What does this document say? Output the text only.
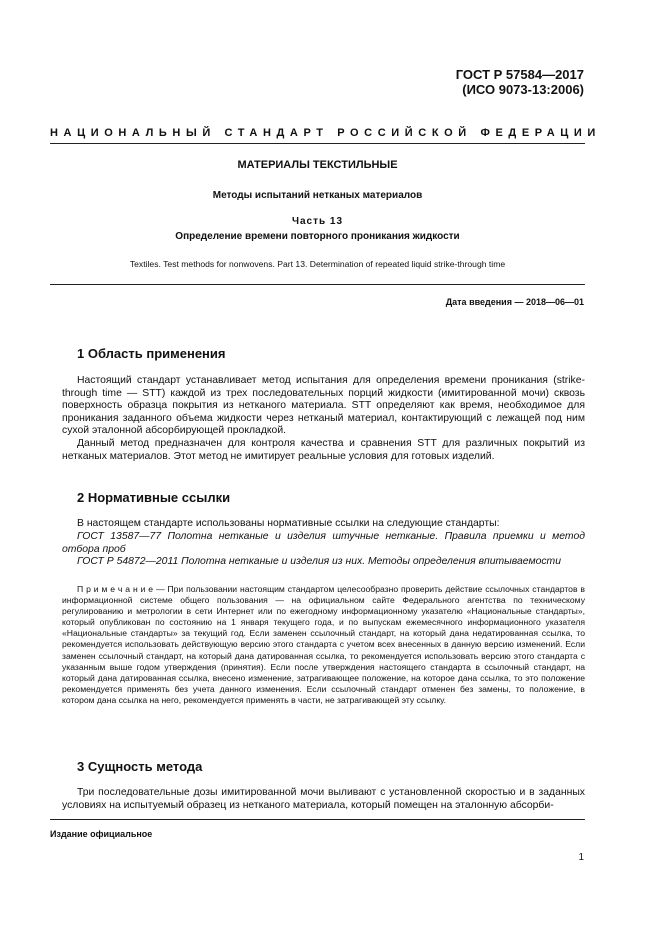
ГОСТ Р 57584—2017
(ИСО 9073-13:2006)
НАЦИОНАЛЬНЫЙ СТАНДАРТ РОССИЙСКОЙ ФЕДЕРАЦИИ
МАТЕРИАЛЫ ТЕКСТИЛЬНЫЕ
Методы испытаний нетканых материалов
Часть 13
Определение времени повторного проникания жидкости
Textiles. Test methods for nonwovens. Part 13. Determination of repeated liquid strike-through time
Дата введения — 2018—06—01
1 Область применения

Настоящий стандарт устанавливает метод испытания для определения времени проникания (strike-through time — STT) каждой из трех последовательных порций жидкости (имитированной мочи) сквозь поверхность образца покрытия из нетканого материала. STT определяют как время, необходимое для проникания заданного объема жидкости через нетканый материал, контактирующий с лежащей под ним сухой эталонной абсорбирующей прокладкой.

Данный метод предназначен для контроля качества и сравнения STT для различных покрытий из нетканых материалов. Этот метод не имитирует реальные условия для готовых изделий.

2 Нормативные ссылки

В настоящем стандарте использованы нормативные ссылки на следующие стандарты:

ГОСТ 13587—77 Полотна нетканые и изделия штучные нетканые. Правила приемки и метод отбора проб

ГОСТ Р 54872—2011 Полотна нетканые и изделия из них. Методы определения впитываемости

П р и м е ч а н и е — При пользовании настоящим стандартом целесообразно проверить действие ссылочных стандартов в информационной системе общего пользования — на официальном сайте Федерального агентства по техническому регулированию и метрологии в сети Интернет или по ежегодному информационному указателю «Национальные стандарты», который опубликован по состоянию на 1 января текущего года, и по выпускам ежемесячного информационного указателя «Национальные стандарты» за текущий год. Если заменен ссылочный стандарт, на который дана недатированная ссылка, то рекомендуется использовать действующую версию этого стандарта с учетом всех внесенных в данную версию изменений. Если заменен ссылочный стандарт, на который дана датированная ссылка, то рекомендуется использовать версию этого стандарта с указанным выше годом утверждения (принятия). Если после утверждения настоящего стандарта в ссылочный стандарт, на который дана датированная ссылка, внесено изменение, затрагивающее положение, на которое дана ссылка, то это положение рекомендуется применять без учета данного изменения. Если ссылочный стандарт отменен без замены, то положение, в котором дана ссылка на него, рекомендуется применять в части, не затрагивающей эту ссылку.
3 Сущность метода

Три последовательные дозы имитированной мочи выливают с установленной скоростью и в заданных условиях на испытуемый образец из нетканого материала, который помещен на эталонную абсорби-

Издание официальное
1
